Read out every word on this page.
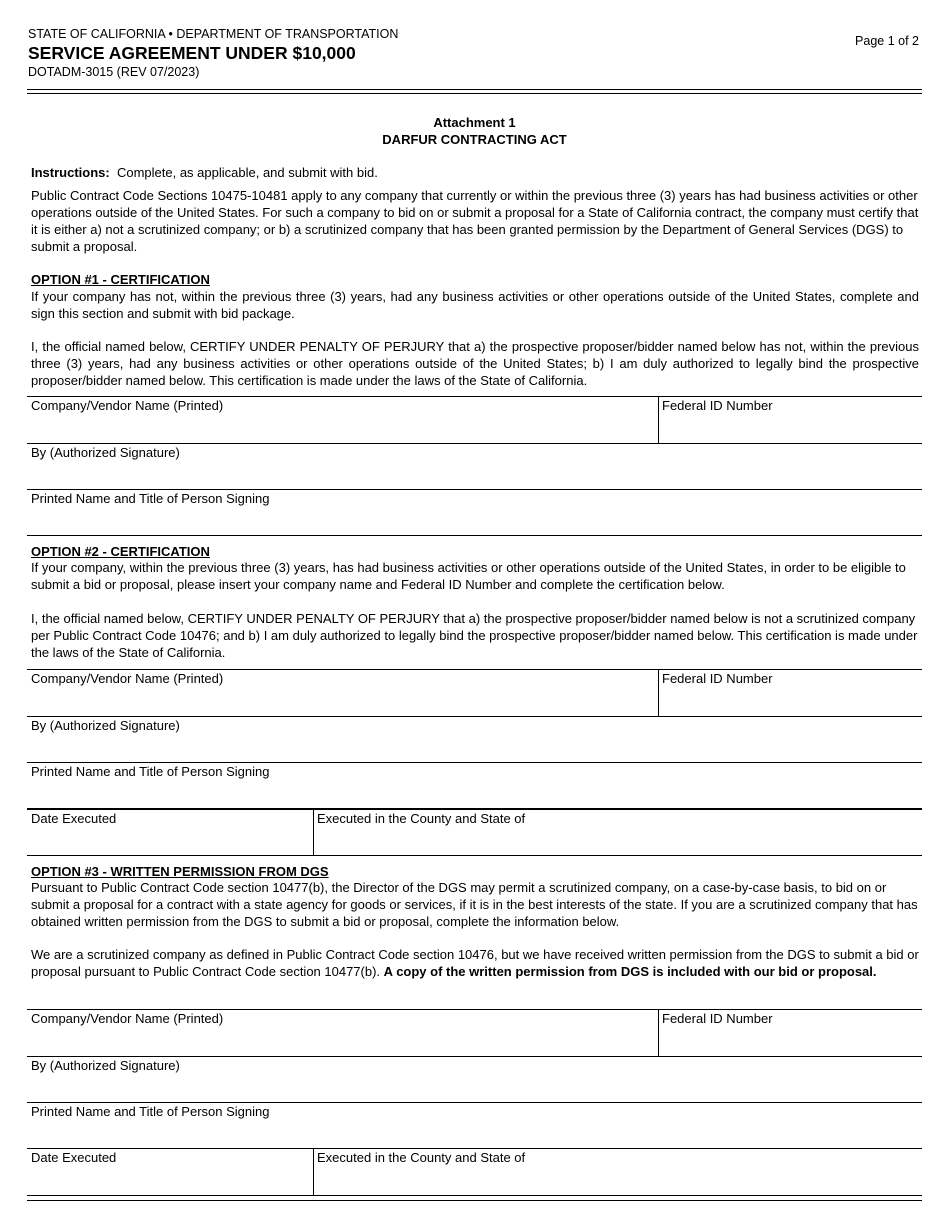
STATE OF CALIFORNIA • DEPARTMENT OF TRANSPORTATION
SERVICE AGREEMENT UNDER $10,000
DOTADM-3015 (REV 07/2023)
Page 1 of 2
Attachment 1
DARFUR CONTRACTING ACT
Instructions: Complete, as applicable, and submit with bid.

Public Contract Code Sections 10475-10481 apply to any company that currently or within the previous three (3) years has had business activities or other operations outside of the United States. For such a company to bid on or submit a proposal for a State of California contract, the company must certify that it is either a) not a scrutinized company; or b) a scrutinized company that has been granted permission by the Department of General Services (DGS) to submit a proposal.

OPTION #1 - CERTIFICATION

If your company has not, within the previous three (3) years, had any business activities or other operations outside of the United States, complete and sign this section and submit with bid package.

I, the official named below, CERTIFY UNDER PENALTY OF PERJURY that a) the prospective proposer/bidder named below has not, within the previous three (3) years, had any business activities or other operations outside of the United States; b) I am duly authorized to legally bind the prospective proposer/bidder named below. This certification is made under the laws of the State of California.

Company/Vendor Name (Printed)	Federal ID Number
By (Authorized Signature)
Printed Name and Title of Person Signing
OPTION #2 - CERTIFICATION

If your company, within the previous three (3) years, has had business activities or other operations outside of the United States, in order to be eligible to submit a bid or proposal, please insert your company name and Federal ID Number and complete the certification below.

I, the official named below, CERTIFY UNDER PENALTY OF PERJURY that a) the prospective proposer/bidder named below is not a scrutinized company per Public Contract Code 10476; and b) I am duly authorized to legally bind the prospective proposer/bidder named below. This certification is made under the laws of the State of California.

Company/Vendor Name (Printed)	Federal ID Number
By (Authorized Signature)
Printed Name and Title of Person Signing
Date Executed	Executed in the County and State of
OPTION #3 - WRITTEN PERMISSION FROM DGS

Pursuant to Public Contract Code section 10477(b), the Director of the DGS may permit a scrutinized company, on a case-by-case basis, to bid on or submit a proposal for a contract with a state agency for goods or services, if it is in the best interests of the state. If you are a scrutinized company that has obtained written permission from the DGS to submit a bid or proposal, complete the information below.

We are a scrutinized company as defined in Public Contract Code section 10476, but we have received written permission from the DGS to submit a bid or proposal pursuant to Public Contract Code section 10477(b). A copy of the written permission from DGS is included with our bid or proposal.

Company/Vendor Name (Printed)	Federal ID Number
By (Authorized Signature)
Printed Name and Title of Person Signing
Date Executed	Executed in the County and State of
